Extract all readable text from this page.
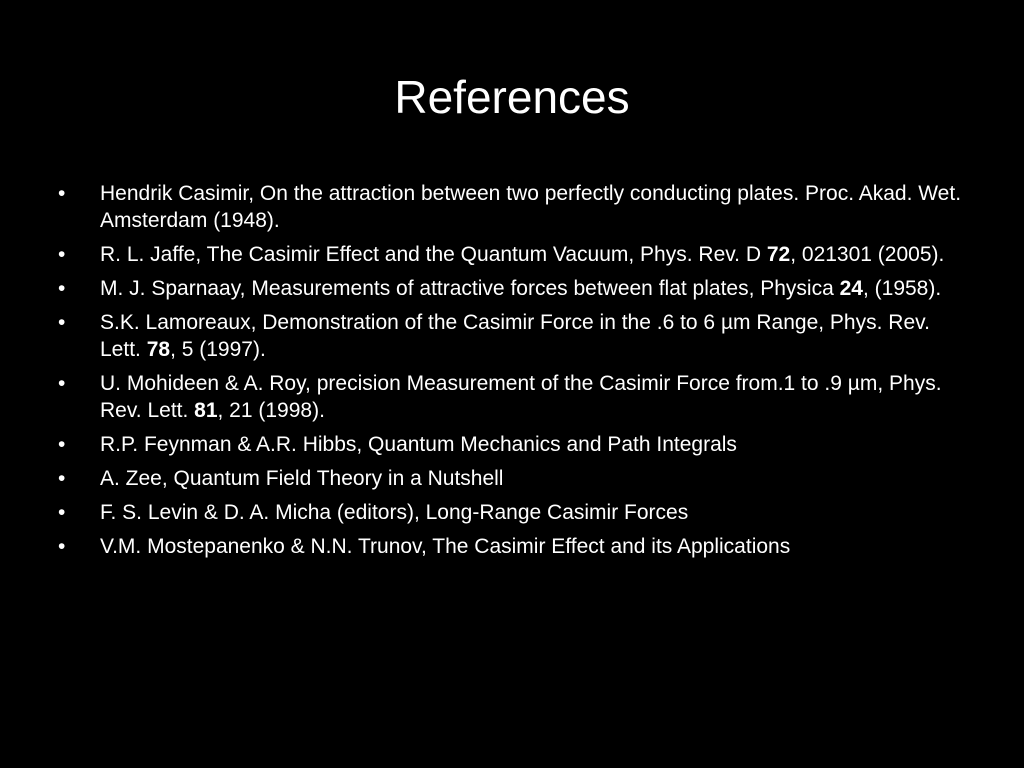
References
• Hendrik Casimir, On the attraction between two perfectly conducting plates. Proc. Akad. Wet. Amsterdam (1948).
• R. L. Jaffe, The Casimir Effect and the Quantum Vacuum, Phys. Rev. D 72, 021301 (2005).
• M. J. Sparnaay, Measurements of attractive forces between flat plates, Physica 24, (1958).
• S.K. Lamoreaux, Demonstration of the Casimir Force in the .6 to 6 µm Range, Phys. Rev. Lett. 78, 5 (1997).
• U. Mohideen & A. Roy, precision Measurement of the Casimir Force from.1 to .9 µm, Phys. Rev. Lett. 81, 21 (1998).
• R.P. Feynman & A.R. Hibbs, Quantum Mechanics and Path Integrals
• A. Zee, Quantum Field Theory in a Nutshell
• F. S. Levin & D. A. Micha (editors), Long-Range Casimir Forces
• V.M. Mostepanenko & N.N. Trunov, The Casimir Effect and its Applications
